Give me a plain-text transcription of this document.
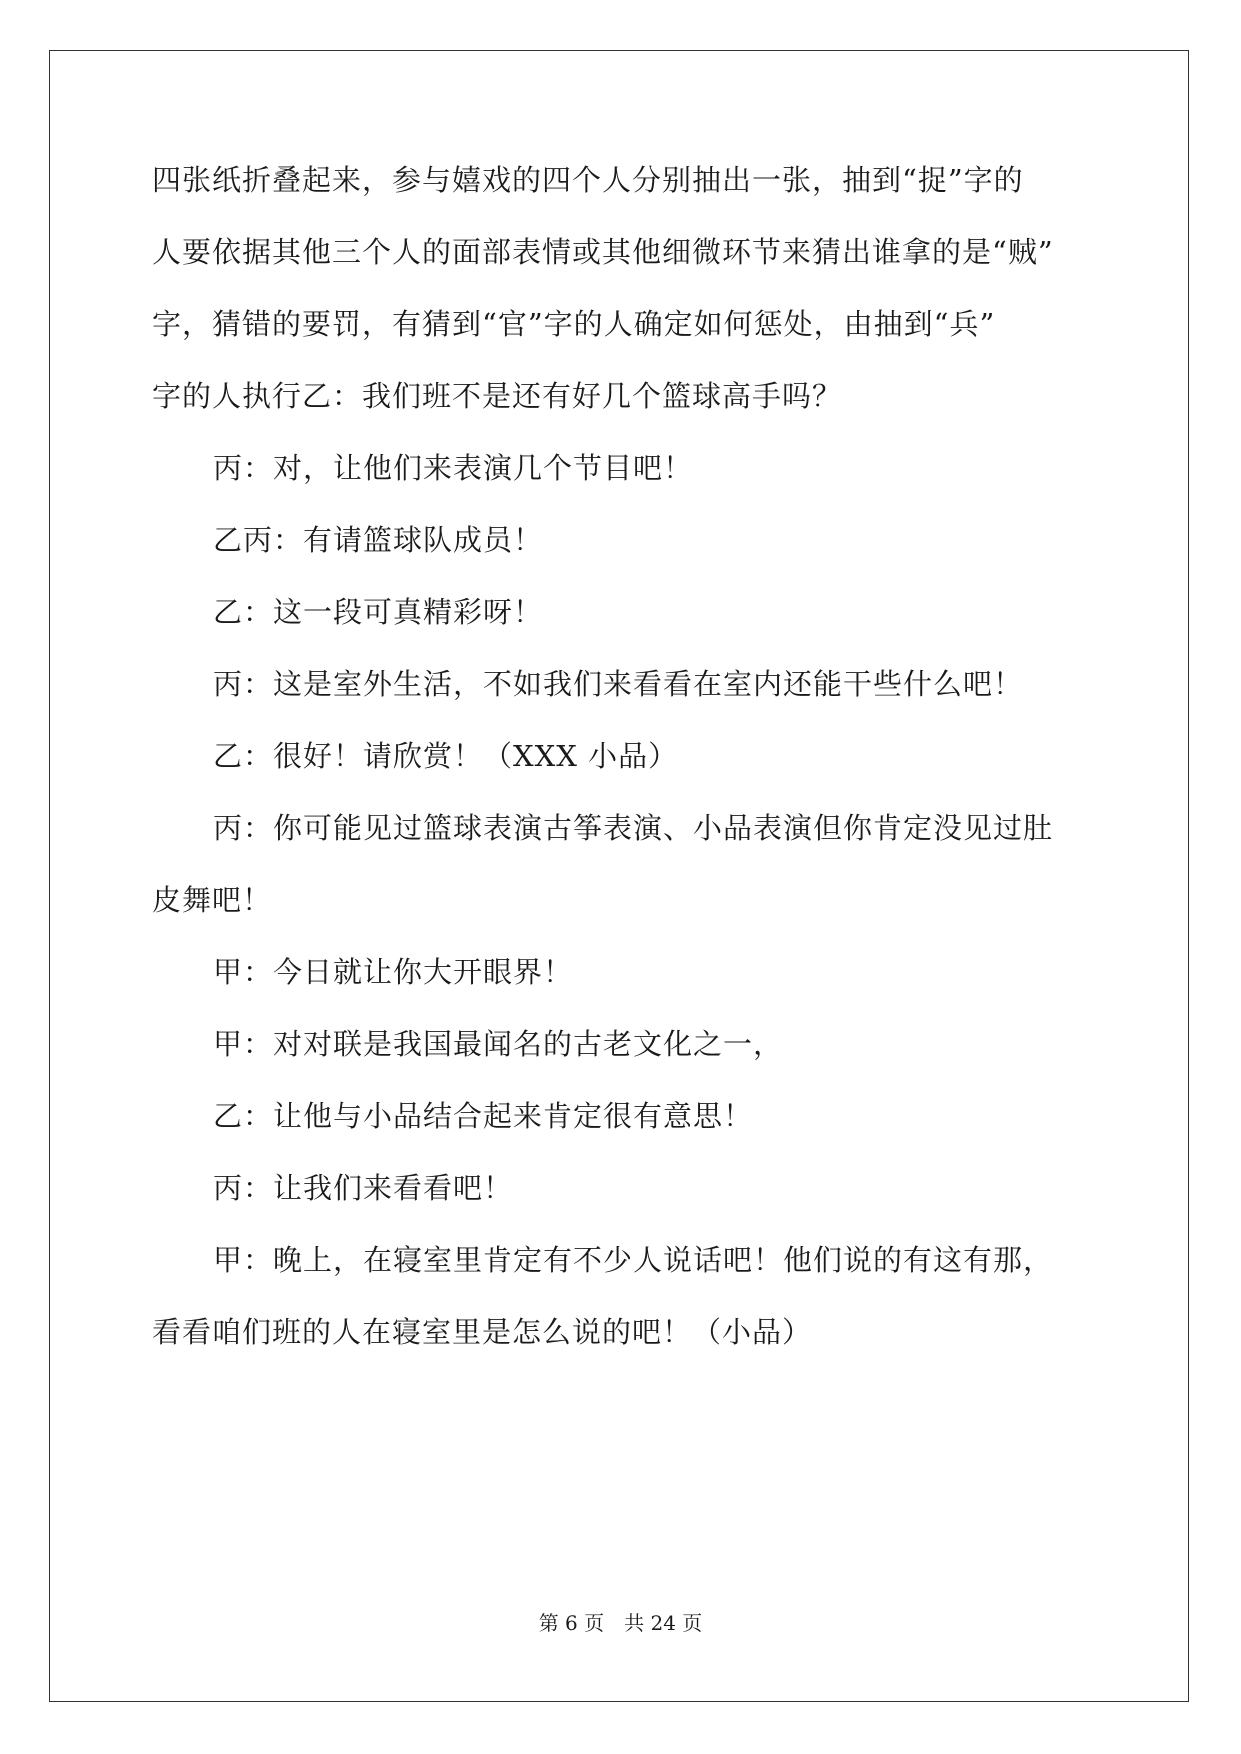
四张纸折叠起来，参与嬉戏的四个人分别抽出一张，抽到“捉”字的
人要依据其他三个人的面部表情或其他细微环节来猜出谁拿的是“贼”
字，猜错的要罚，有猜到“官”字的人确定如何惩处，由抽到“兵”
字的人执行乙：我们班不是还有好几个篮球高手吗？
丙：对，让他们来表演几个节目吧！
乙丙：有请篮球队成员！
乙：这一段可真精彩呀！
丙：这是室外生活，不如我们来看看在室内还能干些什么吧！
乙：很好！请欣赏！（XXX 小品）
丙：你可能见过篮球表演古筝表演、小品表演但你肯定没见过肚
皮舞吧！
甲：今日就让你大开眼界！
甲：对对联是我国最闻名的古老文化之一，
乙：让他与小品结合起来肯定很有意思！
丙：让我们来看看吧！
甲：晚上，在寝室里肯定有不少人说话吧！他们说的有这有那，
看看咱们班的人在寝室里是怎么说的吧！（小品）
第 6 页　共 24 页
